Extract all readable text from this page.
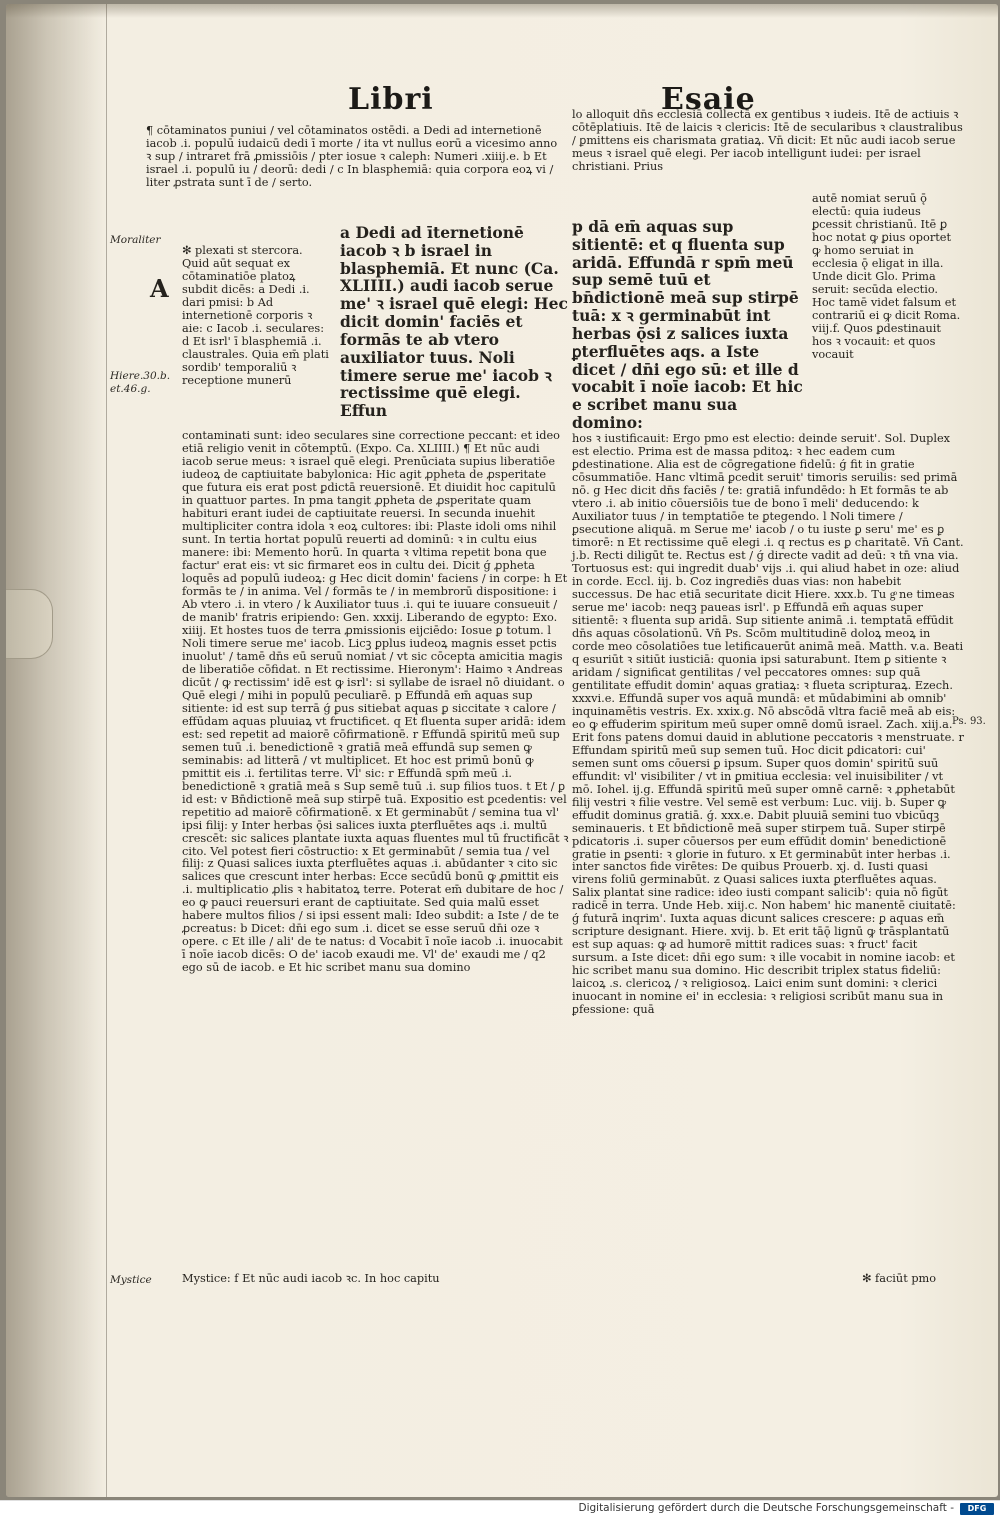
Libri	Esaie

¶ cōtaminatos puniui / vel cōtaminatos ostēdi. a Dedi ad internetionē iacob .i. populū iudaicū dedi ī morte / ita vt nullus eorū a vicesimo anno ꝛ sup / intraret frā ꝓmissiōis / pter iosue ꝛ caleph: Numeri .xiiij.e. b Et israel .i. populū iu / deorū: dedi / c In blasphemiā: quia corpora eoꝝ vi / liter ꝓstrata sunt ī de / serto.

Moraliter
A

✻ plexati st stercora. Quid aūt sequat ex cōtaminatiōe platoꝝ subdit dicēs: a Dedi .i. dari pmisi: b Ad internetionē corporis ꝛ aie: c Iacob .i. seculares: d Et isrl' ī blasphemiā .i. claustrales. Quia em̄ plati sordib' temporaliū ꝛ receptione munerū

Hiere.30.b. et.46.g.

a Dedi ad īternetionē iacob ꝛ b israel in blasphemiā. Et nunc (Ca. XLIIII.) audi iacob serue me' ꝛ israel quē elegi: Hec dicit domin' faciēs et formās te ab vtero auxiliator tuus. Noli timere serue me' iacob ꝛ rectissime quē elegi. Effun

contaminati sunt: ideo seculares sine correctione peccant: et ideo etiā religio venit in cōtemptū. (Expo. Ca. XLIIII.) ¶ Et nūc audi iacob serue meus: ꝛ israel quē elegi. Prenūciata supius liberatiōe iudeoꝝ de captiuitate babylonica: Hic agit ꝓpheta de ꝓsperitate que futura eis erat post ꝑdictā reuersionē. Et diuidit hoc capitulū in quattuor partes. In pma tangit ꝓpheta de ꝓsperitate quam habituri erant iudei de captiuitate reuersi. In secunda inuehit multipliciter contra idola ꝛ eoꝝ cultores: ibi: Plaste idoli oms nihil sunt. In tertia hortat populū reuerti ad dominū: ꝛ in cultu eius manere: ibi: Memento horū. In quarta ꝛ vltima repetit bona que factur' erat eis: vt sic firmaret eos in cultu dei. Dicit ǵ ꝓpheta loquēs ad populū iudeoꝝ: g Hec dicit domin' faciens / in corpe: h Et formās te / in anima. Vel / formās te / in membrorū dispositione: i Ab vtero .i. in vtero / k Auxiliator tuus .i. qui te iuuare consueuit / de manib' fratris eripiendo: Gen. xxxij. Liberando de egypto: Exo. xiiij. Et hostes tuos de terra ꝓmissionis eijciēdo: Iosue ꝑ totum. l Noli timere serue me' iacob. Licꝫ ꝑplus iudeoꝝ magnis esset pctis inuolut' / tamē dn̄s eū seruū nomiat / vt sic cōcepta amicitia magis de liberatiōe cōfidat. n Et rectissime. Hieronym': Haimo ꝛ Andreas dicūt / ꝙ rectissim' idē est ꝙ isrl': si syllabe de israel nō diuidant. o Quē elegi / mihi in populū peculiarē. p Effundā em̄ aquas sup sitiente: id est sup terrā ǵ ꝑus sitiebat aquas ꝑ siccitate ꝛ calore / effūdam aquas pluuiaꝝ vt fructificet. q Et fluenta super aridā: idem est: sed repetit ad maiorē cōfirmationē. r Effundā spiritū meū sup semen tuū .i. benedictionē ꝛ gratiā meā effundā sup semen ꝙ seminabis: ad litterā / vt multiplicet. Et hoc est primū bonū ꝙ pmittit eis .i. fertilitas terre. Vl' sic: r Effundā spm̄ meū .i. benedictionē ꝛ gratiā meā s Sup semē tuū .i. sup filios tuos. t Et / ꝑ id est: v Bn̄dictionē meā sup stirpē tuā. Expositio est ꝑcedentis: vel repetitio ad maiorē cōfirmationē. x Et germinabūt / semina tua vl' ipsi filij: y Inter herbas ǭsi salices iuxta ꝑterfluētes aqs .i. multū crescēt: sic salices plantate iuxta aquas fluentes mul tū fructificāt ꝛ cito. Vel potest fieri cōstructio: x Et germinabūt / semia tua / vel filij: z Quasi salices iuxta ꝑterfluētes aquas .i. abūdanter ꝛ cito sic salices que crescunt inter herbas: Ecce secūdū bonū ꝙ ꝓmittit eis .i. multiplicatio ꝓlis ꝛ habitatoꝝ terre. Poterat em̄ dubitare de hoc / eo ꝙ pauci reuersuri erant de captiuitate. Sed quia malū esset habere multos filios / si ipsi essent mali: Ideo subdit: a Iste / de te ꝓcreatus: b Dicet: dn̄i ego sum .i. dicet se esse seruū dn̄i oze ꝛ opere. c Et ille / ali' de te natus: d Vocabit ī noīe iacob .i. inuocabit ī noīe iacob dicēs: O de' iacob exaudi me. Vl' de' exaudi me / q2 ego sū de iacob. e Et hic scribet manu sua domino

Mystice	Mystice: f Et nūc audi iacob ꝛc. In hoc capitu

lo alloquit dn̄s ecclesiā collectā ex gentibus ꝛ iudeis. Itē de actiuis ꝛ cōtēplatiuis. Itē de laicis ꝛ clericis: Itē de secularibus ꝛ claustralibus / ꝑmittens eis charismata gratiaꝝ. Vn̄ dicit: Et nūc audi iacob serue meus ꝛ israel quē elegi. Per iacob intelligunt iudei: per israel christiani. Prius

p dā em̄ aquas sup sitientē: et q fluenta sup aridā. Effundā r spm̄ meū sup semē tuū et bn̄dictionē meā sup stirpē tuā: x ꝛ germinabūt int herbas ǭsi z salices iuxta ꝑterfluētes aqs. a Iste dicet / dn̄i ego sū: et ille d vocabit ī noīe iacob: Et hic e scribet manu sua domino:

autē nomiat seruū ǭ electū: quia iudeus ꝑcessit christianū. Itē ꝑ hoc notat ꝙ ꝑius oportet ꝙ homo seruiat in ecclesia ǭ eligat in illa. Unde dicit Glo. Prima seruit: secūda electio. Hoc tamē videt falsum et contrariū ei ꝙ dicit Roma. viij.f. Quos ꝑdestinauit hos ꝛ vocauit: et quos vocauit

hos ꝛ iustificauit: Ergo pmo est electio: deinde seruit'. Sol. Duplex est electio. Prima est de massa pditoꝝ: ꝛ hec eadem cum ꝑdestinatione. Alia est de cōgregatione fidelū: ǵ fit in gratie cōsummatiōe. Hanc vltimā ꝑcedit seruit' timoris seruilis: sed primā nō. g Hec dicit dn̄s faciēs / te: gratiā infundēdo: h Et formās te ab vtero .i. ab initio cōuersiōis tue de bono ī meli' deducendo: k Auxiliator tuus / in temptatiōe te ꝑtegendo. l Noli timere / ꝑsecutione aliquā. m Serue me' iacob / o tu iuste ꝑ seru' me' es ꝑ timorē: n Et rectissime quē elegi .i. q rectus es ꝑ charitatē. Vn̄ Cant. j.b. Recti diligūt te. Rectus est / ǵ directe vadit ad deū: ꝛ tn̄ vna via. Tortuosus est: qui ingredit duab' vijs .i. qui aliud habet in oze: aliud in corde. Eccl. iij. b. Coz ingrediēs duas vias: non habebit successus. De hac etiā securitate dicit Hiere. xxx.b. Tu gͦ ne timeas serue me' iacob: neqꝫ paueas isrl'. p Effundā em̄ aquas super sitientē: ꝛ fluenta sup aridā. Sup sitiente animā .i. temptatā effūdit dn̄s aquas cōsolationū. Vn̄ Ps. Scōm multitudinē doloꝝ meoꝝ in corde meo cōsolatiōes tue letificauerūt animā meā. Matth. v.a. Beati q esuriūt ꝛ sitiūt iusticiā: quonia ipsi saturabunt. Item ꝑ sitiente ꝛ aridam / significat gentilitas / vel peccatores omnes: sup quā gentilitate effudit domin' aquas gratiaꝝ: ꝛ flueta scripturaꝝ. Ezech. xxxvi.e. Effundā super vos aquā mundā: et mūdabimini ab omnib' inquinamētis vestris. Ex. xxix.g. Nō abscōdā vltra faciē meā ab eis: eo ꝙ effuderim spiritum meū super omnē domū israel. Zach. xiij.a. Erit fons patens domui dauid in ablutione peccatoris ꝛ menstruate. r Effundam spiritū meū sup semen tuū. Hoc dicit ꝑdicatori: cui' semen sunt oms cōuersi ꝑ ipsum. Super quos domin' spiritū suū effundit: vl' visibiliter / vt in ꝑmitiua ecclesia: vel inuisibiliter / vt mō. Iohel. ij.g. Effundā spiritū meū super omnē carnē: ꝛ ꝓphetabūt filij vestri ꝛ filie vestre. Vel semē est verbum: Luc. viij. b. Super ꝙ effudit dominus gratiā. ǵ. xxx.e. Dabit pluuiā semini tuo vbicūqꝫ seminaueris. t Et bn̄dictionē meā super stirpem tuā. Super stirpē pdicatoris .i. super cōuersos per eum effūdit domin' benedictionē gratie in ꝑsenti: ꝛ glorie in futuro. x Et germinabūt inter herbas .i. inter sanctos fide virētes: De quibus Prouerb. xj. d. Iusti quasi virens foliū germinabūt. z Quasi salices iuxta ꝑterfluētes aquas. Salix plantat sine radice: ideo iusti compant salicib': quia nō figūt radicē in terra. Unde Heb. xiij.c. Non habem' hic manentē ciuitatē: ǵ futurā inqrim'. Iuxta aquas dicunt salices crescere: ꝑ aquas em̄ scripture designant. Hiere. xvij. b. Et erit tāǭ lignū ꝙ trāsplantatū est sup aquas: ꝙ ad humorē mittit radices suas: ꝛ fruct' facit sursum. a Iste dicet: dn̄i ego sum: ꝛ ille vocabit in nomine iacob: et hic scribet manu sua domino. Hic describit triplex status fideliū: laicoꝝ .s. clericoꝝ / ꝛ religiosoꝝ. Laici enim sunt domini: ꝛ clerici inuocant in nomine ei' in ecclesia: ꝛ religiosi scribūt manu sua in ꝑfessione: quā

Ps. 93.

✻ faciūt pmo

Digitalisierung gefördert durch die Deutsche Forschungsgemeinschaft -	DFG
